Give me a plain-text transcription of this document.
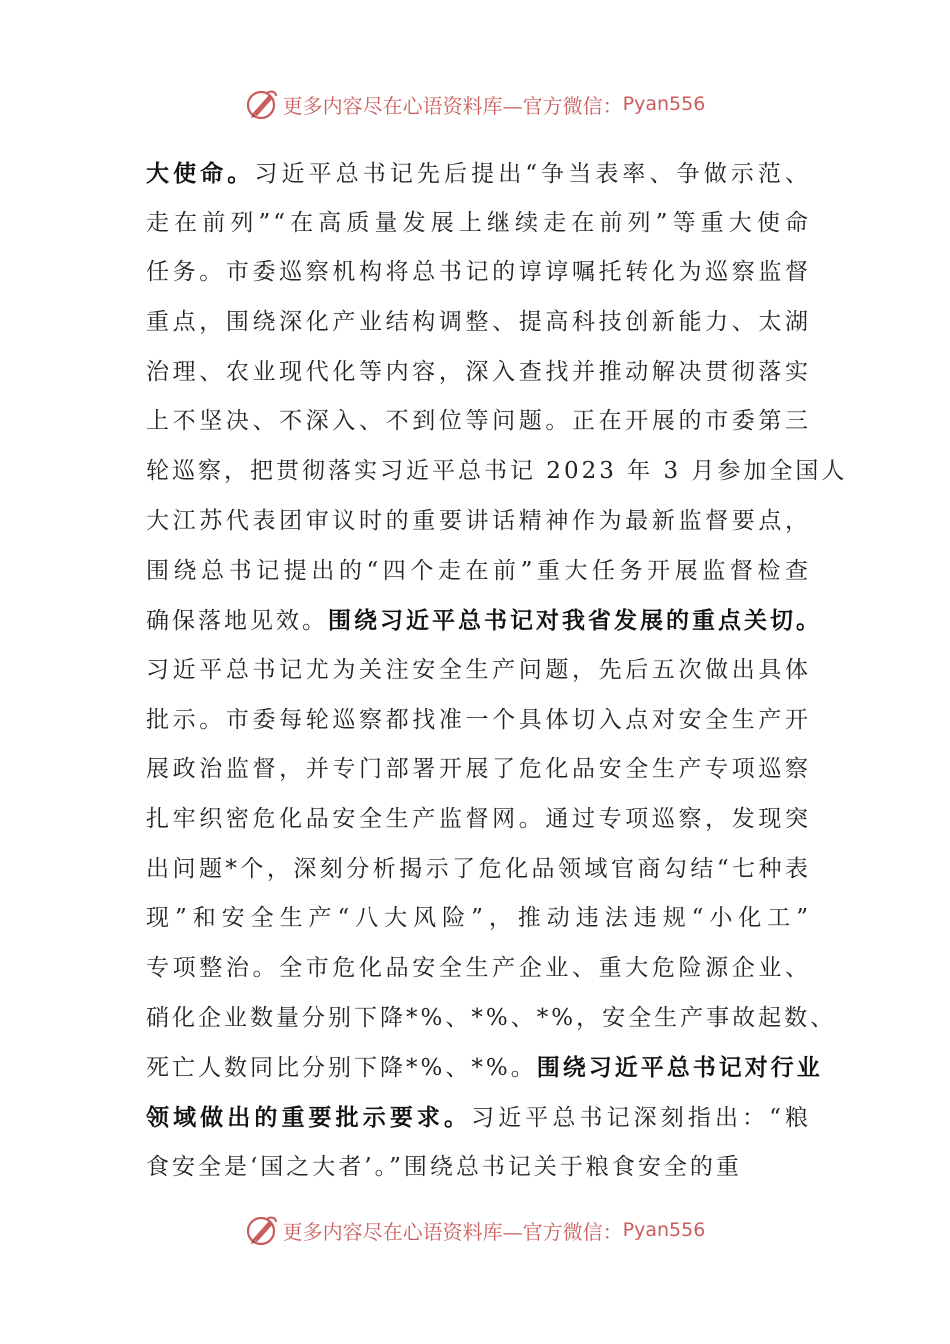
更多内容尽在心语资料库—官方微信： Pyan556
大使命。习近平总书记先后提出“争当表率、争做示范、
走在前列”“在高质量发展上继续走在前列”等重大使命
任务。市委巡察机构将总书记的谆谆嘱托转化为巡察监督
重点，围绕深化产业结构调整、提高科技创新能力、太湖
治理、农业现代化等内容，深入查找并推动解决贯彻落实
上不坚决、不深入、不到位等问题。正在开展的市委第三
轮巡察，把贯彻落实习近平总书记 2023 年 3 月参加全国人
大江苏代表团审议时的重要讲话精神作为最新监督要点，
围绕总书记提出的“四个走在前”重大任务开展监督检查
确保落地见效。围绕习近平总书记对我省发展的重点关切。
习近平总书记尤为关注安全生产问题，先后五次做出具体
批示。市委每轮巡察都找准一个具体切入点对安全生产开
展政治监督，并专门部署开展了危化品安全生产专项巡察
扎牢织密危化品安全生产监督网。通过专项巡察，发现突
出问题*个，深刻分析揭示了危化品领域官商勾结“七种表
现”和安全生产“八大风险”，推动违法违规“小化工”
专项整治。全市危化品安全生产企业、重大危险源企业、
硝化企业数量分别下降*%、*%、*%，安全生产事故起数、
死亡人数同比分别下降*%、*%。围绕习近平总书记对行业
领域做出的重要批示要求。习近平总书记深刻指出：“粮
食安全是‘国之大者’。”围绕总书记关于粮食安全的重
更多内容尽在心语资料库—官方微信： Pyan556
